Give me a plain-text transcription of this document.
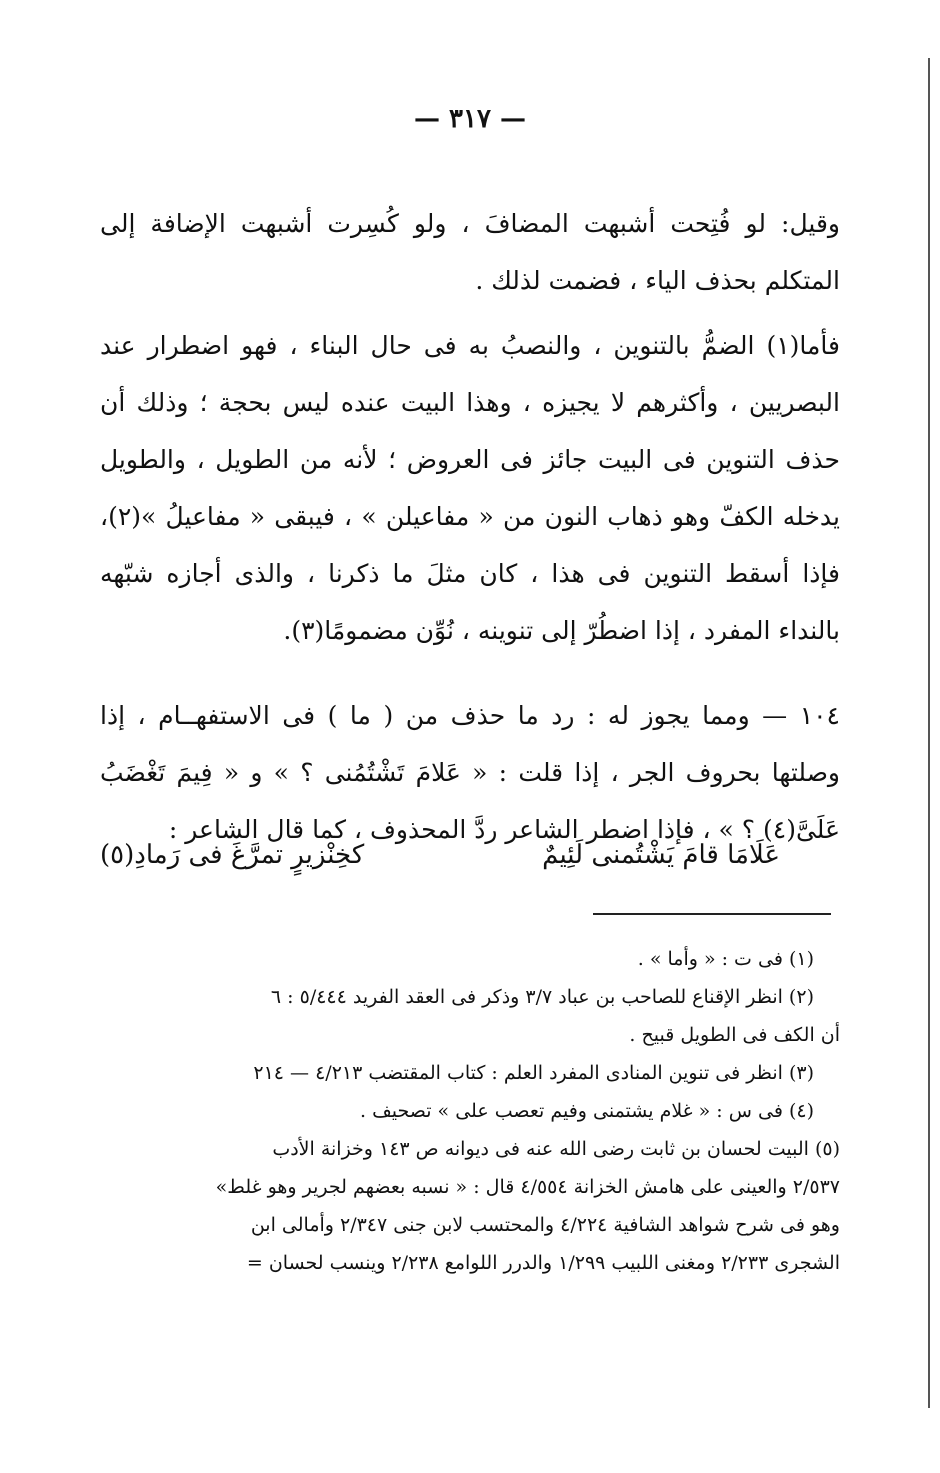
— ٣١٧ —

وقيل: لو فُتِحت أشبهت المضافَ ، ولو كُسِرت أشبهت الإضافة إلى المتكلم بحذف الياء ، فضمت لذلك .

فأما(١) الضمُّ بالتنوين ، والنصبُ به فى حال البناء ، فهو اضطرار عند البصريين ، وأكثرهم لا يجيزه ، وهذا البيت عنده ليس بحجة ؛ وذلك أن حذف التنوين فى البيت جائز فى العروض ؛ لأنه من الطويل ، والطويل يدخله الكفّ وهو ذهاب النون من « مفاعيلن » ، فيبقى « مفاعيلُ »(٢)، فإذا أسقط التنوين فى هذا ، كان مثلَ ما ذكرنا ، والذى أجازه شبّهه بالنداء المفرد ، إذا اضطُرّ إلى تنوينه ، نُوِّن مضمومًا(٣).

١٠٤ — ومما يجوز له : رد ما حذف من ( ما ) فى الاستفهــام ، إذا وصلتها بحروف الجر ، إذا قلت : « عَلامَ تَشْتُمُنى ؟ » و « فِيمَ تَغْضَبُ عَلَىَّ(٤) ؟ » ، فإذا اضطر الشاعر ردَّ المحذوف ، كما قال الشاعر :

عَلَامَا قامَ يَشْتُمنى لَئِيمٌ
كخِنْزيرٍ تمرَّغَ فى رَمادِ(٥)

(١) فى ت : « وأما » .

(٢) انظر الإقناع للصاحب بن عباد ٣/٧ وذكر فى العقد الفريد ٥/٤٤٤ : ٦

أن الكف فى الطويل قبيح .

(٣) انظر فى تنوين المنادى المفرد العلم : كتاب المقتضب ٤/٢١٣ — ٢١٤

(٤) فى س : « غلام يشتمنى وفيم تعصب على » تصحيف .

(٥) البيت لحسان بن ثابت رضى الله عنه فى ديوانه ص ١٤٣ وخزانة الأدب

٢/٥٣٧ والعينى على هامش الخزانة ٤/٥٥٤ قال : « نسبه بعضهم لجرير وهو غلط»

وهو فى شرح شواهد الشافية ٤/٢٢٤ والمحتسب لابن جنى ٢/٣٤٧ وأمالى ابن

الشجرى ٢/٢٣٣ ومغنى اللبيب ١/٢٩٩ والدرر اللوامع ٢/٢٣٨ وينسب لحسان =
